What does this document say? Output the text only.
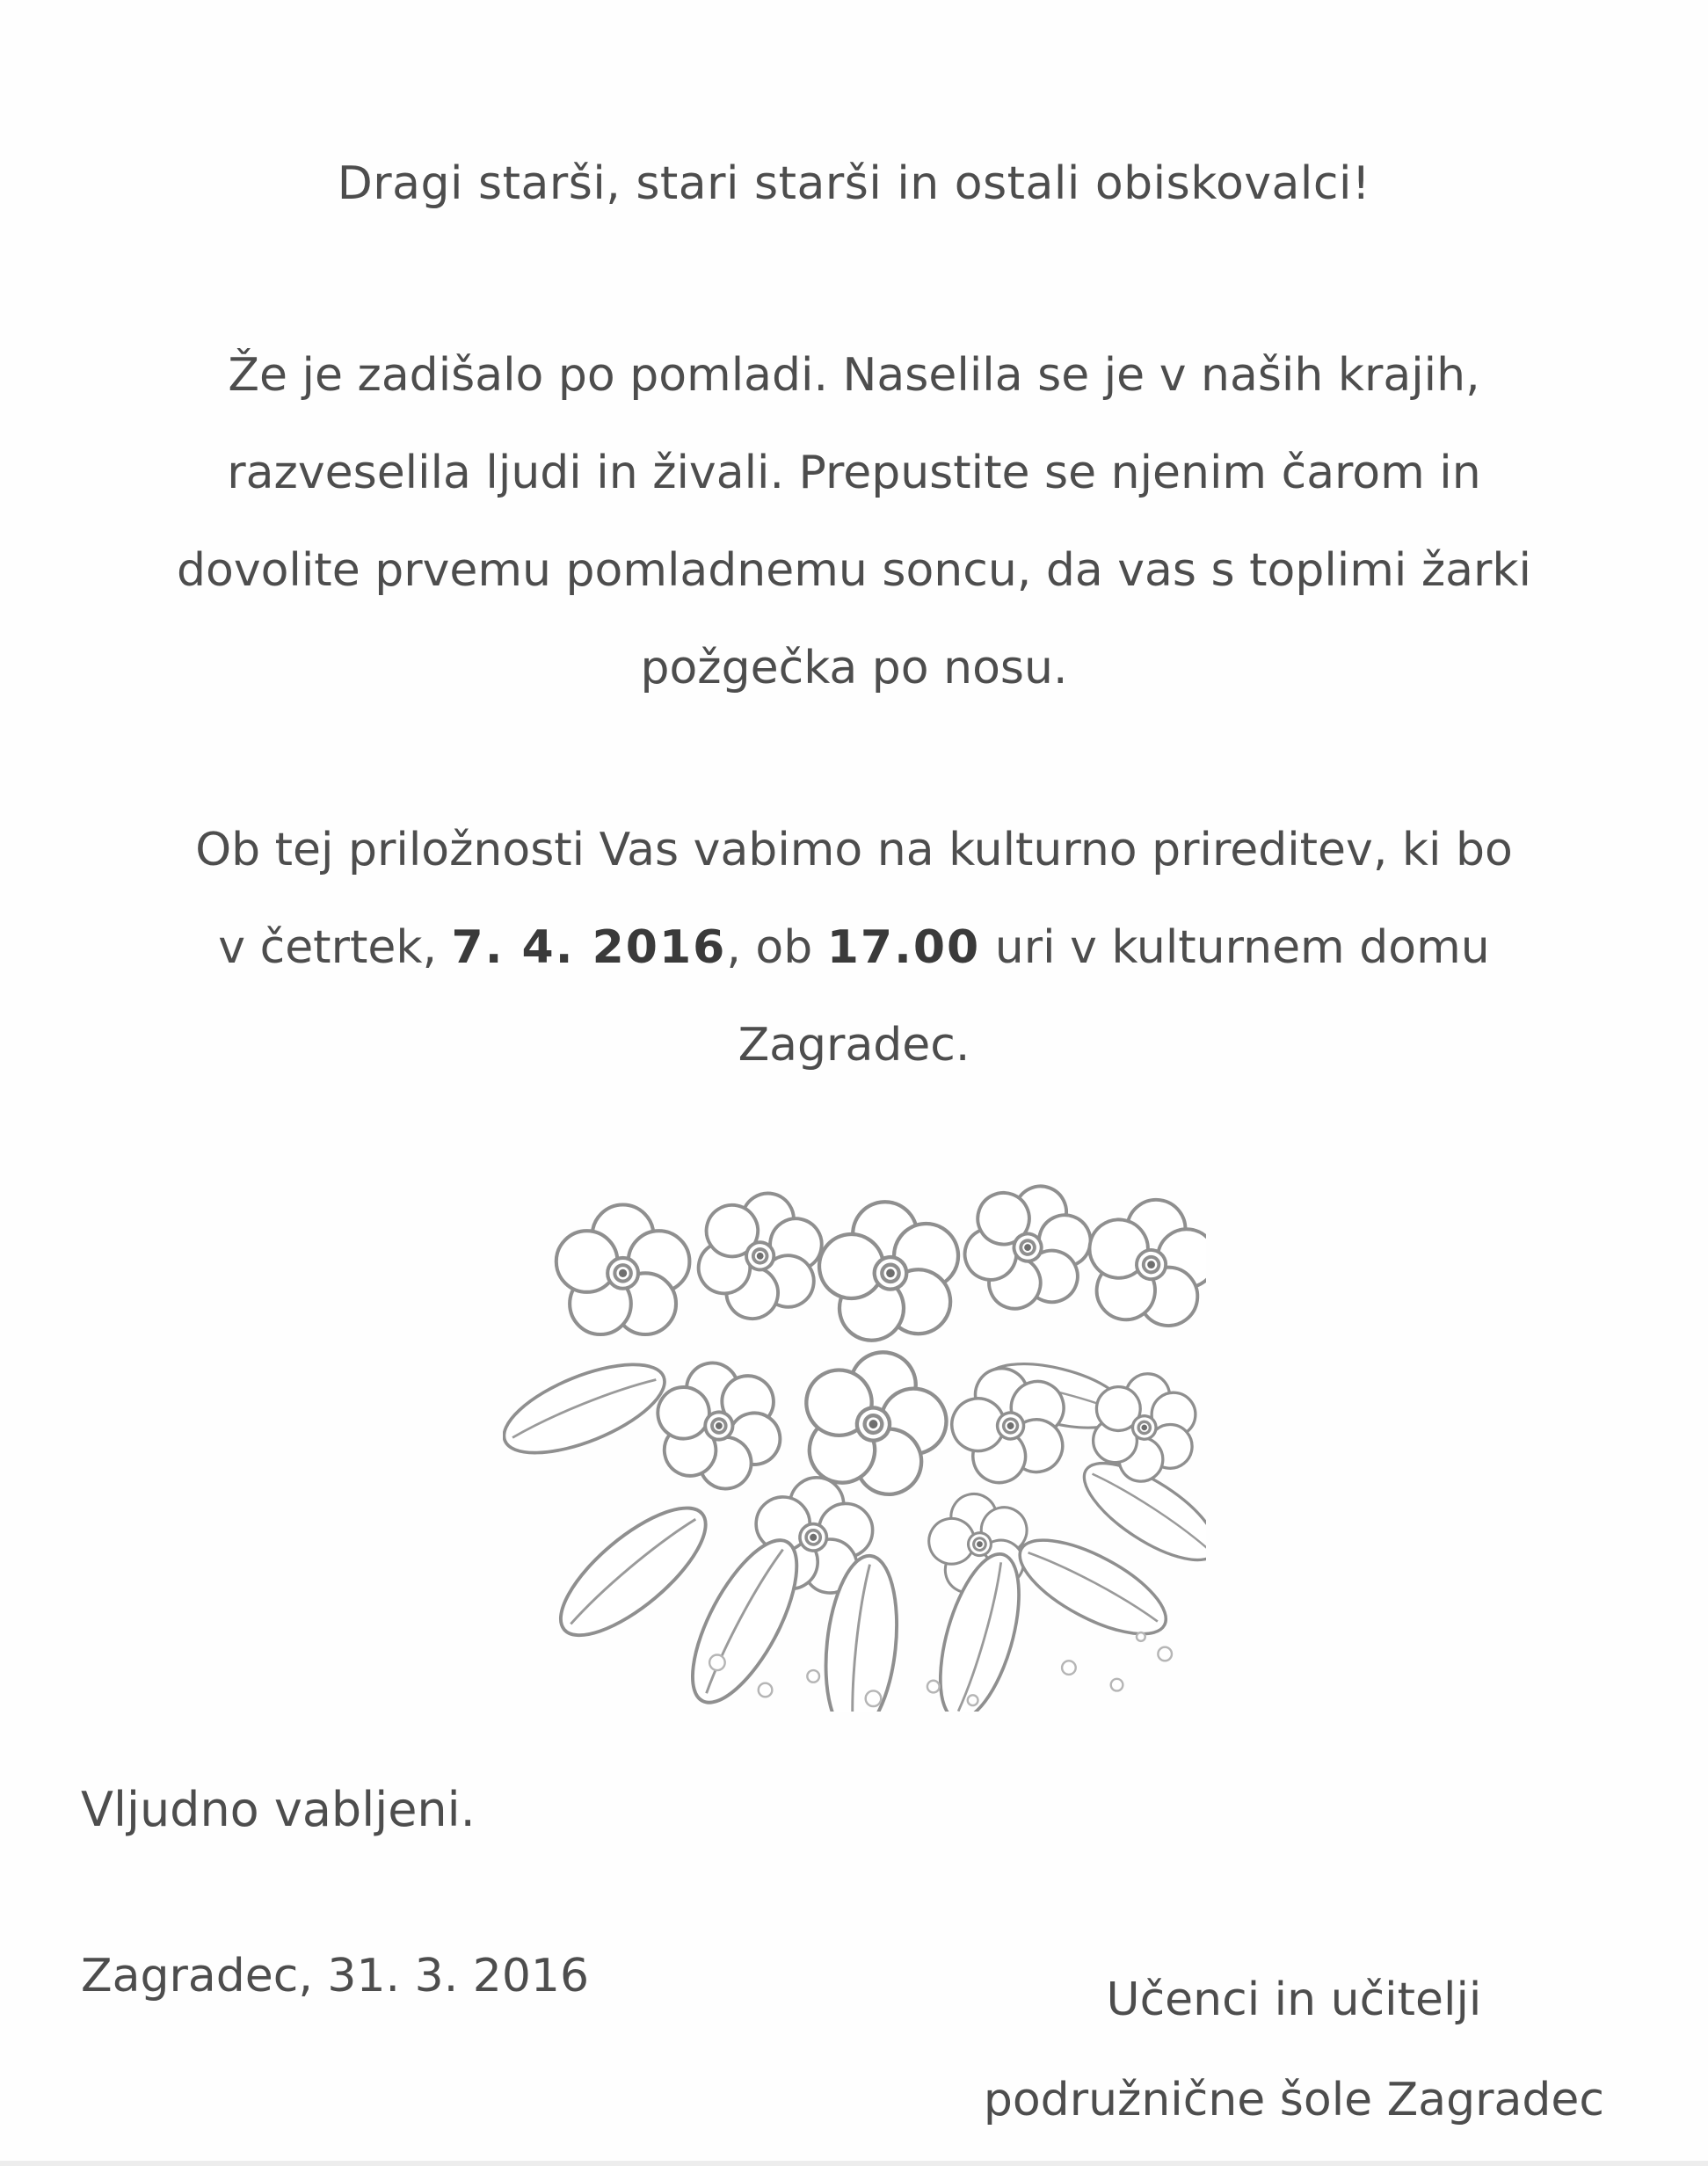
Dragi starši, stari starši in ostali obiskovalci!
Že je zadišalo po pomladi. Naselila se je v naših krajih,
razveselila ljudi in živali. Prepustite se njenim čarom in
dovolite prvemu pomladnemu soncu, da vas s toplimi žarki
požgečka po nosu.
Ob tej priložnosti Vas vabimo na kulturno prireditev, ki bo
v četrtek, 7. 4. 2016, ob 17.00 uri v kulturnem domu
Zagradec.
Vljudno vabljeni.
Zagradec, 31. 3. 2016	Učenci in učitelji
podružnične šole Zagradec
